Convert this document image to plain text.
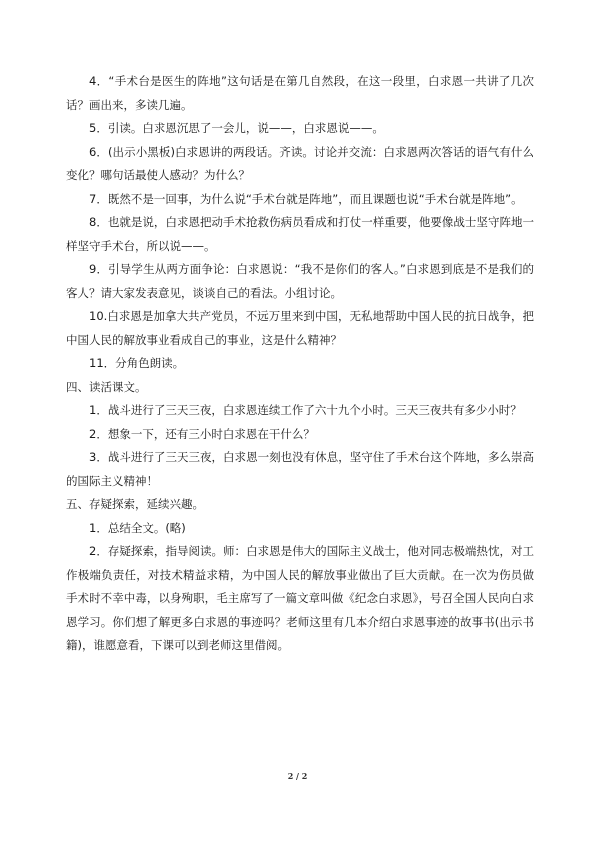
4．“手术台是医生的阵地”这句话是在第几自然段，在这一段里，白求恩一共讲了几次话？画出来，多读几遍。

5．引读。白求恩沉思了一会儿，说——，白求恩说——。

6．(出示小黑板)白求恩讲的两段话。齐读。讨论并交流：白求恩两次答话的语气有什么变化？哪句话最使人感动？为什么？

7．既然不是一回事，为什么说“手术台就是阵地”，而且课题也说“手术台就是阵地”。

8．也就是说，白求恩把动手术抢救伤病员看成和打仗一样重要，他要像战士坚守阵地一样坚守手术台，所以说——。

9．引导学生从两方面争论：白求恩说：“我不是你们的客人。”白求恩到底是不是我们的客人？请大家发表意见，谈谈自己的看法。小组讨论。

10.白求恩是加拿大共产党员，不远万里来到中国，无私地帮助中国人民的抗日战争，把中国人民的解放事业看成自己的事业，这是什么精神？

11．分角色朗读。

四、读活课文。

1．战斗进行了三天三夜，白求恩连续工作了六十九个小时。三天三夜共有多少小时？

2．想象一下，还有三小时白求恩在干什么？

3．战斗进行了三天三夜，白求恩一刻也没有休息，坚守住了手术台这个阵地，多么崇高的国际主义精神！

五、存疑探索，延续兴趣。

1．总结全文。(略)

2．存疑探索，指导阅读。师：白求恩是伟大的国际主义战士，他对同志极端热忱，对工作极端负责任，对技术精益求精，为中国人民的解放事业做出了巨大贡献。在一次为伤员做手术时不幸中毒，以身殉职，毛主席写了一篇文章叫做《纪念白求恩》，号召全国人民向白求恩学习。你们想了解更多白求恩的事迹吗？老师这里有几本介绍白求恩事迹的故事书(出示书籍)，谁愿意看，下课可以到老师这里借阅。

2 / 2
